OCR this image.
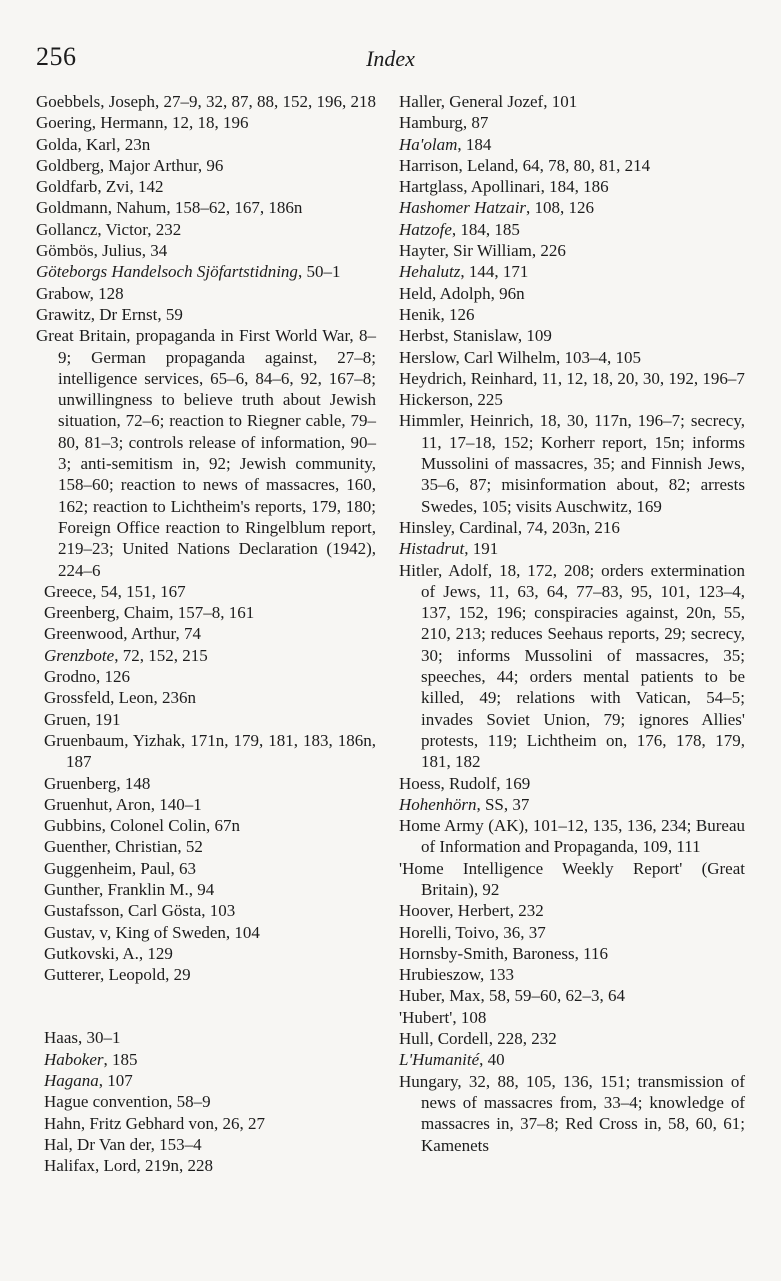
256	Index
Goebbels, Joseph, 27–9, 32, 87, 88, 152, 196, 218
Goering, Hermann, 12, 18, 196
Golda, Karl, 23n
Goldberg, Major Arthur, 96
Goldfarb, Zvi, 142
Goldmann, Nahum, 158–62, 167, 186n
Gollancz, Victor, 232
Gömbös, Julius, 34
Göteborgs Handelsoch Sjöfartstidning, 50–1
Grabow, 128
Grawitz, Dr Ernst, 59
Great Britain, propaganda in First World War, 8–9; German propaganda against, 27–8; intelligence services, 65–6, 84–6, 92, 167–8; unwillingness to believe truth about Jewish situation, 72–6; reaction to Riegner cable, 79–80, 81–3; controls release of information, 90–3; anti-semitism in, 92; Jewish community, 158–60; reaction to news of massacres, 160, 162; reaction to Lichtheim's reports, 179, 180; Foreign Office reaction to Ringelblum report, 219–23; United Nations Declaration (1942), 224–6
Greece, 54, 151, 167
Greenberg, Chaim, 157–8, 161
Greenwood, Arthur, 74
Grenzbote, 72, 152, 215
Grodno, 126
Grossfeld, Leon, 236n
Gruen, 191
Gruenbaum, Yizhak, 171n, 179, 181, 183, 186n, 187
Gruenberg, 148
Gruenhut, Aron, 140–1
Gubbins, Colonel Colin, 67n
Guenther, Christian, 52
Guggenheim, Paul, 63
Gunther, Franklin M., 94
Gustafsson, Carl Gösta, 103
Gustav, v, King of Sweden, 104
Gutkovski, A., 129
Gutterer, Leopold, 29
Haas, 30–1
Haboker, 185
Hagana, 107
Hague convention, 58–9
Hahn, Fritz Gebhard von, 26, 27
Hal, Dr Van der, 153–4
Halifax, Lord, 219n, 228
Haller, General Jozef, 101
Hamburg, 87
Ha'olam, 184
Harrison, Leland, 64, 78, 80, 81, 214
Hartglass, Apollinari, 184, 186
Hashomer Hatzair, 108, 126
Hatzofe, 184, 185
Hayter, Sir William, 226
Hehalutz, 144, 171
Held, Adolph, 96n
Henik, 126
Herbst, Stanislaw, 109
Herslow, Carl Wilhelm, 103–4, 105
Heydrich, Reinhard, 11, 12, 18, 20, 30, 192, 196–7
Hickerson, 225
Himmler, Heinrich, 18, 30, 117n, 196–7; secrecy, 11, 17–18, 152; Korherr report, 15n; informs Mussolini of massacres, 35; and Finnish Jews, 35–6, 87; misinformation about, 82; arrests Swedes, 105; visits Auschwitz, 169
Hinsley, Cardinal, 74, 203n, 216
Histadrut, 191
Hitler, Adolf, 18, 172, 208; orders extermination of Jews, 11, 63, 64, 77–83, 95, 101, 123–4, 137, 152, 196; conspiracies against, 20n, 55, 210, 213; reduces Seehaus reports, 29; secrecy, 30; informs Mussolini of massacres, 35; speeches, 44; orders mental patients to be killed, 49; relations with Vatican, 54–5; invades Soviet Union, 79; ignores Allies' protests, 119; Lichtheim on, 176, 178, 179, 181, 182
Hoess, Rudolf, 169
Hohenhörn, SS, 37
Home Army (AK), 101–12, 135, 136, 234; Bureau of Information and Propaganda, 109, 111
'Home Intelligence Weekly Report' (Great Britain), 92
Hoover, Herbert, 232
Horelli, Toivo, 36, 37
Hornsby-Smith, Baroness, 116
Hrubieszow, 133
Huber, Max, 58, 59–60, 62–3, 64
'Hubert', 108
Hull, Cordell, 228, 232
L'Humanité, 40
Hungary, 32, 88, 105, 136, 151; transmission of news of massacres from, 33–4; knowledge of massacres in, 37–8; Red Cross in, 58, 60, 61; Kamenets
